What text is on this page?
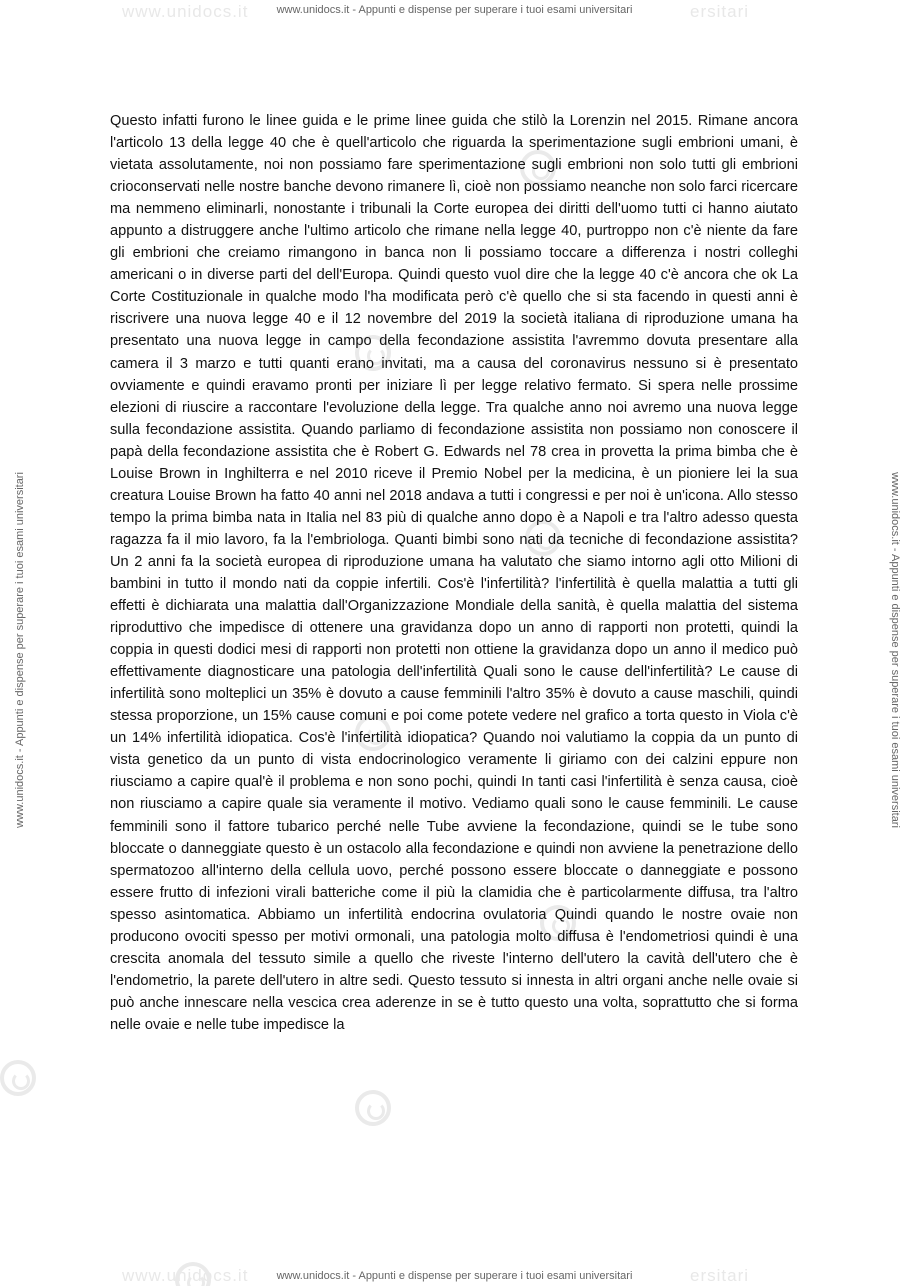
www.unidocs.it	ersitari
www.unidocs.it	ersitari
www.unidocs.it - Appunti e dispense per superare i tuoi esami universitari
www.unidocs.it - Appunti e dispense per superare i tuoi esami universitari	www.unidocs.it - Appunti e dispense per superare i tuoi esami universitari

Questo infatti furono le linee guida e le prime linee guida che stilò la Lorenzin nel 2015. Rimane ancora l'articolo 13 della legge 40 che è quell'articolo che riguarda la sperimentazione sugli embrioni umani, è vietata assolutamente, noi non possiamo fare sperimentazione sugli embrioni non solo tutti gli embrioni crioconservati nelle nostre banche devono rimanere lì, cioè non possiamo neanche non solo farci ricercare ma nemmeno eliminarli, nonostante i tribunali la Corte europea dei diritti dell'uomo tutti ci hanno aiutato appunto a distruggere anche l'ultimo articolo che rimane nella legge 40, purtroppo non c'è niente da fare gli embrioni che creiamo rimangono in banca non li possiamo toccare a differenza i nostri colleghi americani o in diverse parti del dell'Europa. Quindi questo vuol dire che la legge 40 c'è ancora che ok La Corte Costituzionale in qualche modo l'ha modificata però c'è quello che si sta facendo in questi anni è riscrivere una nuova legge 40 e il 12 novembre del 2019 la società italiana di riproduzione umana ha presentato una nuova legge in campo della fecondazione assistita l'avremmo dovuta presentare alla camera il 3 marzo e tutti quanti erano invitati, ma a causa del coronavirus nessuno si è presentato ovviamente e quindi eravamo pronti per iniziare lì per legge relativo fermato. Si spera nelle prossime elezioni di riuscire a raccontare l'evoluzione della legge. Tra qualche anno noi avremo una nuova legge sulla fecondazione assistita. Quando parliamo di fecondazione assistita non possiamo non conoscere il papà della fecondazione assistita che è Robert G. Edwards nel 78 crea in provetta la prima bimba che è Louise Brown in Inghilterra e nel 2010 riceve il Premio Nobel per la medicina, è un pioniere lei la sua creatura Louise Brown ha fatto 40 anni nel 2018 andava a tutti i congressi e per noi è un'icona. Allo stesso tempo la prima bimba nata in Italia nel 83 più di qualche anno dopo è a Napoli e tra l'altro adesso questa ragazza fa il mio lavoro, fa la l'embriologa. Quanti bimbi sono nati da tecniche di fecondazione assistita? Un 2 anni fa la società europea di riproduzione umana ha valutato che siamo intorno agli otto Milioni di bambini in tutto il mondo nati da coppie infertili. Cos'è l'infertilità? l'infertilità è quella malattia a tutti gli effetti è dichiarata una malattia dall'Organizzazione Mondiale della sanità, è quella malattia del sistema riproduttivo che impedisce di ottenere una gravidanza dopo un anno di rapporti non protetti, quindi la coppia in questi dodici mesi di rapporti non protetti non ottiene la gravidanza dopo un anno il medico può effettivamente diagnosticare una patologia dell'infertilità Quali sono le cause dell'infertilità? Le cause di infertilità sono molteplici un 35% è dovuto a cause femminili l'altro 35% è dovuto a cause maschili, quindi stessa proporzione, un 15% cause comuni e poi come potete vedere nel grafico a torta questo in Viola c'è un 14% infertilità idiopatica. Cos'è l'infertilità idiopatica? Quando noi valutiamo la coppia da un punto di vista genetico da un punto di vista endocrinologico veramente li giriamo con dei calzini eppure non riusciamo a capire qual'è il problema e non sono pochi, quindi In tanti casi l'infertilità è senza causa, cioè non riusciamo a capire quale sia veramente il motivo. Vediamo quali sono le cause femminili. Le cause femminili sono il fattore tubarico perché nelle Tube avviene la fecondazione, quindi se le tube sono bloccate o danneggiate questo è un ostacolo alla fecondazione e quindi non avviene la penetrazione dello spermatozoo all'interno della cellula uovo, perché possono essere bloccate o danneggiate e possono essere frutto di infezioni virali batteriche come il più la clamidia che è particolarmente diffusa, tra l'altro spesso asintomatica. Abbiamo un infertilità endocrina ovulatoria Quindi quando le nostre ovaie non producono ovociti spesso per motivi ormonali, una patologia molto diffusa è l'endometriosi quindi è una crescita anomala del tessuto simile a quello che riveste l'interno dell'utero la cavità dell'utero che è l'endometrio, la parete dell'utero in altre sedi. Questo tessuto si innesta in altri organi anche nelle ovaie si può anche innescare nella vescica crea aderenze in se è tutto questo una volta, soprattutto che si forma nelle ovaie e nelle tube impedisce la

www.unidocs.it - Appunti e dispense per superare i tuoi esami universitari
